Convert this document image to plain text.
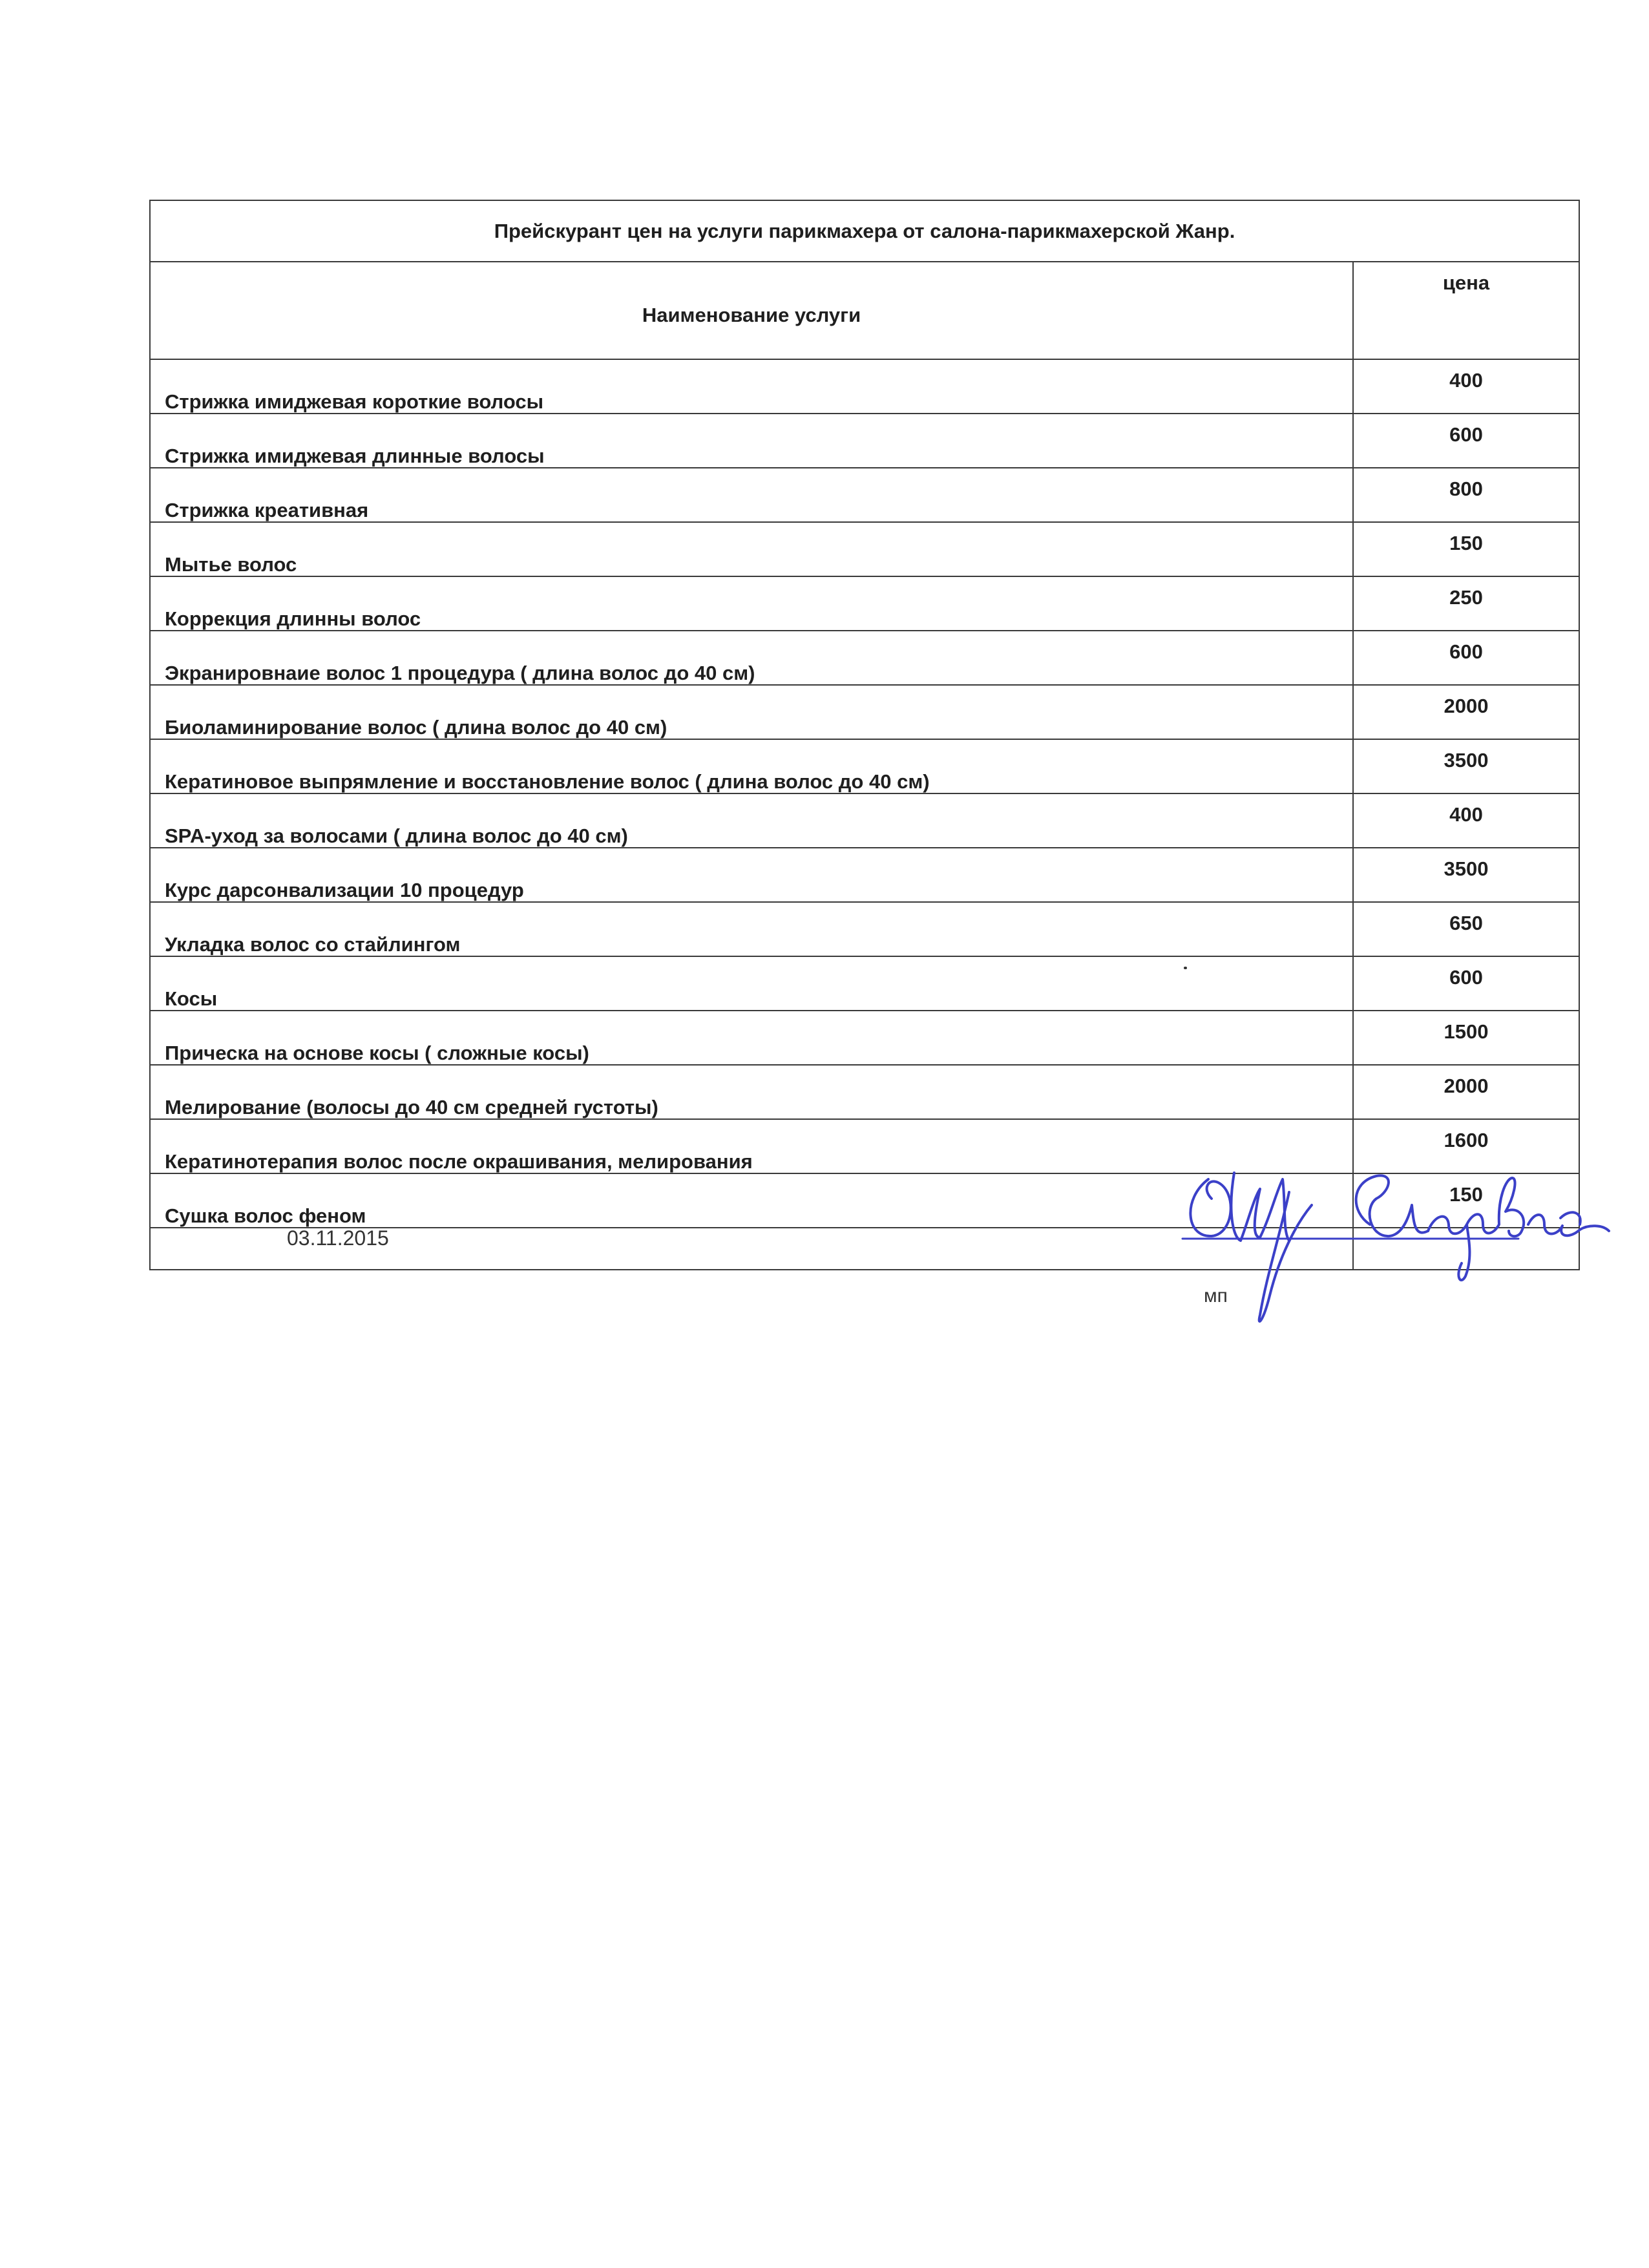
Прейскурант цен на услуги парикмахера от салона-парикмахерской Жанр.	
Наименование услуги	цена
Стрижка имиджевая короткие волосы	400
Стрижка имиджевая длинные волосы	600
Стрижка креативная	800
Мытье волос	150
Коррекция длинны волос	250
Экранировнаие волос 1 процедура ( длина волос до 40 см)	600
Биоламинирование волос ( длина волос до 40 см)	2000
Кератиновое выпрямление и восстановление волос ( длина волос до 40 см)	3500
SPA-уход за волосами ( длина волос до 40 см)	400
Курс дарсонвализации 10 процедур	3500
Укладка волос со стайлингом	650
Косы	600
Прическа на основе косы ( сложные косы)	1500
Мелирование (волосы до 40 см средней густоты)	2000
Кератинотерапия волос после окрашивания, мелирования	1600
Сушка волос феном	150

03.11.2015
мп
